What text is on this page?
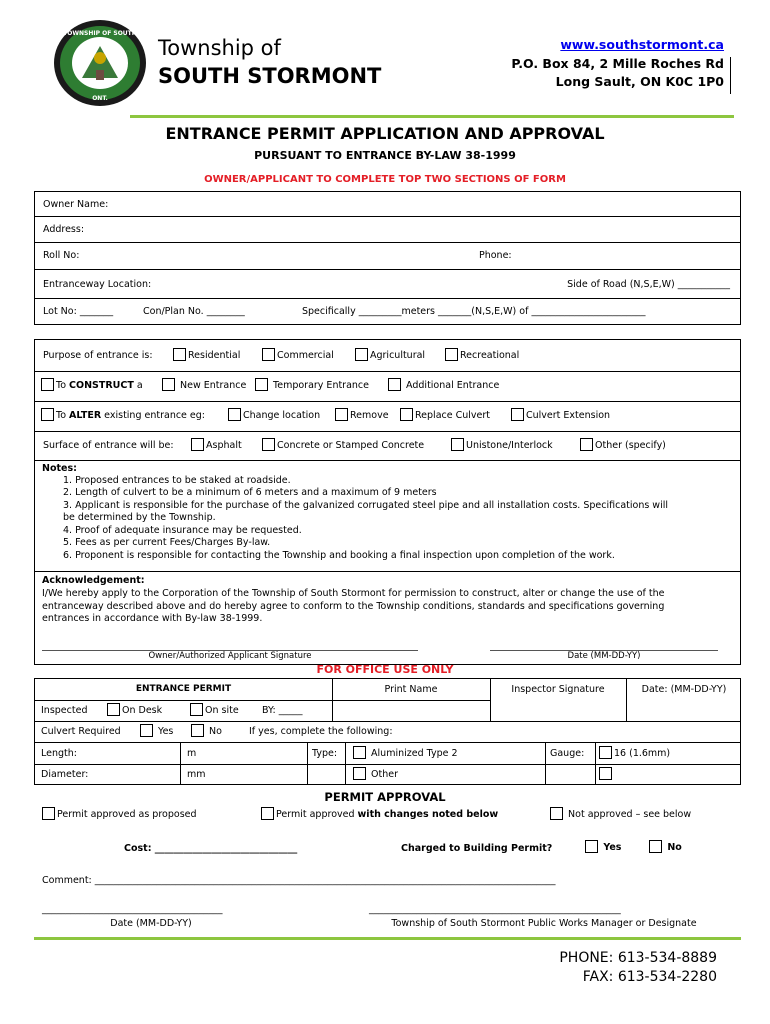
TOWNSHIP OF SOUTH
ONT.
Township of
SOUTH STORMONT
www.southstormont.ca
P.O. Box 84, 2 Mille Roches Rd
Long Sault, ON K0C 1P0
ENTRANCE PERMIT APPLICATION AND APPROVAL
PURSUANT TO ENTRANCE BY-LAW 38-1999
OWNER/APPLICANT TO COMPLETE TOP TWO SECTIONS OF FORM
Owner Name:
Address:
Roll No:	Phone:
Entranceway Location:	Side of Road (N,S,E,W) ___________
Lot No: _______	Con/Plan No. ________	Specifically _________meters _______(N,S,E,W) of ________________________
Purpose of entrance is:	Residential	Commercial	Agricultural	Recreational
To CONSTRUCT a	New Entrance	Temporary Entrance	Additional Entrance
To ALTER existing entrance eg:	Change location	Remove	Replace Culvert	Culvert Extension
Surface of entrance will be:	Asphalt	Concrete or Stamped Concrete	Unistone/Interlock	Other (specify)
Notes:
1. Proposed entrances to be staked at roadside.
2. Length of culvert to be a minimum of 6 meters and a maximum of 9 meters
3. Applicant is responsible for the purchase of the galvanized corrugated steel pipe and all installation costs. Specifications will
be determined by the Township.
4. Proof of adequate insurance may be requested.
5. Fees as per current Fees/Charges By-law.
6. Proponent is responsible for contacting the Township and booking a final inspection upon completion of the work.
Acknowledgement:
I/We hereby apply to the Corporation of the Township of South Stormont for permission to construct, alter or change the use of the
entranceway described above and do hereby agree to conform to the Township conditions, standards and specifications governing
entrances in accordance with By-law 38-1999.
Owner/Authorized Applicant Signature	Date (MM-DD-YY)
FOR OFFICE USE ONLY
ENTRANCE PERMIT	Print Name	Inspector Signature	Date: (MM-DD-YY)
Inspected	On Desk	On site BY: _____
Culvert Required	Yes	No	If yes, complete the following:
Length:	m	Type:	Aluminized Type 2	Gauge:	16 (1.6mm)
Diameter:	mm	Other
PERMIT APPROVAL
Permit approved as proposed	Permit approved with changes noted below	Not approved – see below
Cost: ______________________________	Charged to Building Permit?	Yes	No
Comment: _________________________________________________________________________________________________
______________________________________	_____________________________________________________
Date (MM-DD-YY)	Township of South Stormont Public Works Manager or Designate
PHONE: 613-534-8889
FAX: 613-534-2280
